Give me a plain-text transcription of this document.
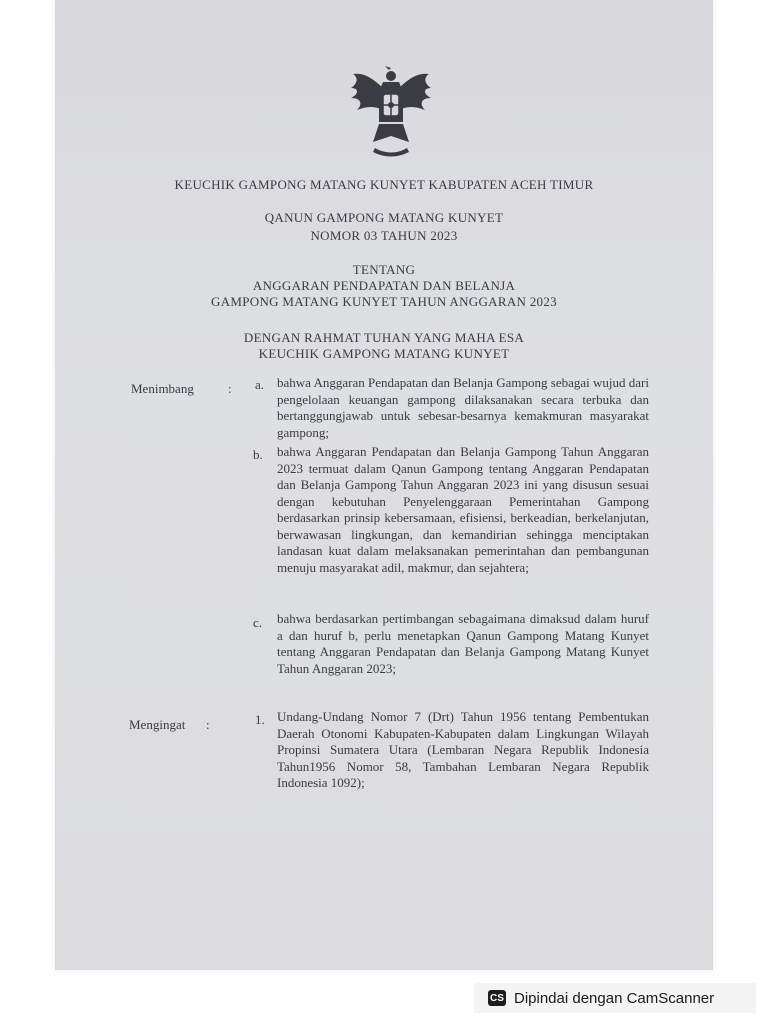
KEUCHIK GAMPONG MATANG KUNYET KABUPATEN ACEH TIMUR
QANUN GAMPONG MATANG KUNYET
NOMOR 03 TAHUN 2023
TENTANG
ANGGARAN PENDAPATAN DAN BELANJA
GAMPONG MATANG KUNYET TAHUN ANGGARAN 2023
DENGAN RAHMAT TUHAN YANG MAHA ESA
KEUCHIK GAMPONG MATANG KUNYET
Menimbang	: a. bahwa Anggaran Pendapatan dan Belanja Gampong sebagai wujud dari pengelolaan keuangan gampong dilaksanakan secara terbuka dan bertanggungjawab untuk sebesar-besarnya kemakmuran masyarakat gampong;
b. bahwa Anggaran Pendapatan dan Belanja Gampong Tahun Anggaran 2023 termuat dalam Qanun Gampong tentang Anggaran Pendapatan dan Belanja Gampong Tahun Anggaran 2023 ini yang disusun sesuai dengan kebutuhan Penyelenggaraan Pemerintahan Gampong berdasarkan prinsip kebersamaan, efisiensi, berkeadian, berkelanjutan, berwawasan lingkungan, dan kemandirian sehingga menciptakan landasan kuat dalam melaksanakan pemerintahan dan pembangunan menuju masyarakat adil, makmur, dan sejahtera;
c. bahwa berdasarkan pertimbangan sebagaimana dimaksud dalam huruf a dan huruf b, perlu menetapkan Qanun Gampong Matang Kunyet tentang Anggaran Pendapatan dan Belanja Gampong Matang Kunyet Tahun Anggaran 2023;
Mengingat :	1. Undang-Undang Nomor 7 (Drt) Tahun 1956 tentang Pembentukan Daerah Otonomi Kabupaten-Kabupaten dalam Lingkungan Wilayah Propinsi Sumatera Utara (Lembaran Negara Republik Indonesia Tahun1956 Nomor 58, Tambahan Lembaran Negara Republik Indonesia 1092);
CS Dipindai dengan CamScanner
